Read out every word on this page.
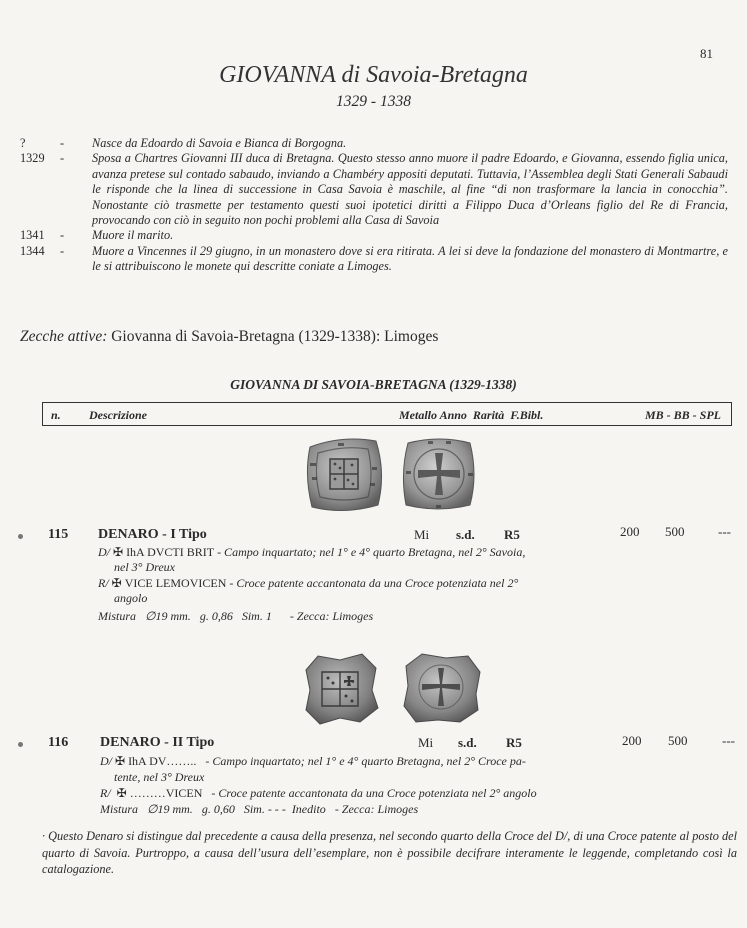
81
GIOVANNA di Savoia-Bretagna
1329 - 1338
?	-	Nasce da Edoardo di Savoia e Bianca di Borgogna.
1329	-	Sposa a Chartres Giovanni III duca di Bretagna. Questo stesso anno muore il padre Edoardo, e Giovanna, essendo figlia unica, avanza pretese sul contado sabaudo, inviando a Chambéry appositi deputati. Tuttavia, l’Assemblea degli Stati Generali Sabaudi le risponde che la linea di successione in Casa Savoia è maschile, al fine “di non trasformare la lancia in conocchia”. Nonostante ciò trasmette per testamento questi suoi ipotetici diritti a Filippo Duca d’Orleans figlio del Re di Francia, provocando con ciò in seguito non pochi problemi alla Casa di Savoia
1341	-	Muore il marito.
1344	-	Muore a Vincennes il 29 giugno, in un monastero dove si era ritirata. A lei si deve la fondazione del monastero di Montmartre, e le si attribuiscono le monete qui descritte coniate a Limoges.
Zecche attive: Giovanna di Savoia-Bretagna (1329-1338): Limoges
GIOVANNA DI SAVOIA-BRETAGNA (1329-1338)
n. Descrizione	Metallo Anno Rarità F.Bibl.	MB - BB - SPL
115 DENARO - I Tipo	Mi s.d. R5	200 500	---
D/ ✠ IhA DVCTI BRIT - Campo inquartato; nel 1° e 4° quarto Bretagna, nel 2° Savoia,
nel 3° Dreux
R/ ✠ VICE LEMOVICEN - Croce patente accantonata da una Croce potenziata nel 2°
angolo
Mistura ∅19 mm. g. 0,86 Sim. 1 - Zecca: Limoges
116 DENARO - II Tipo	Mi s.d. R5	200 500	---
D/ ✠ IhA DV…….. - Campo inquartato; nel 1° e 4° quarto Bretagna, nel 2° Croce pa-
tente, nel 3° Dreux
R/ ✠ ………VICEN - Croce patente accantonata da una Croce potenziata nel 2° angolo
Mistura ∅19 mm. g. 0,60 Sim. - - -  Inedito - Zecca: Limoges
· Questo Denaro si distingue dal precedente a causa della presenza, nel secondo quarto della Croce del D/, di una Croce patente al posto del quarto di Savoia. Purtroppo, a causa dell’usura dell’esemplare, non è possibile decifrare interamente le leggende, completando così la catalogazione.
